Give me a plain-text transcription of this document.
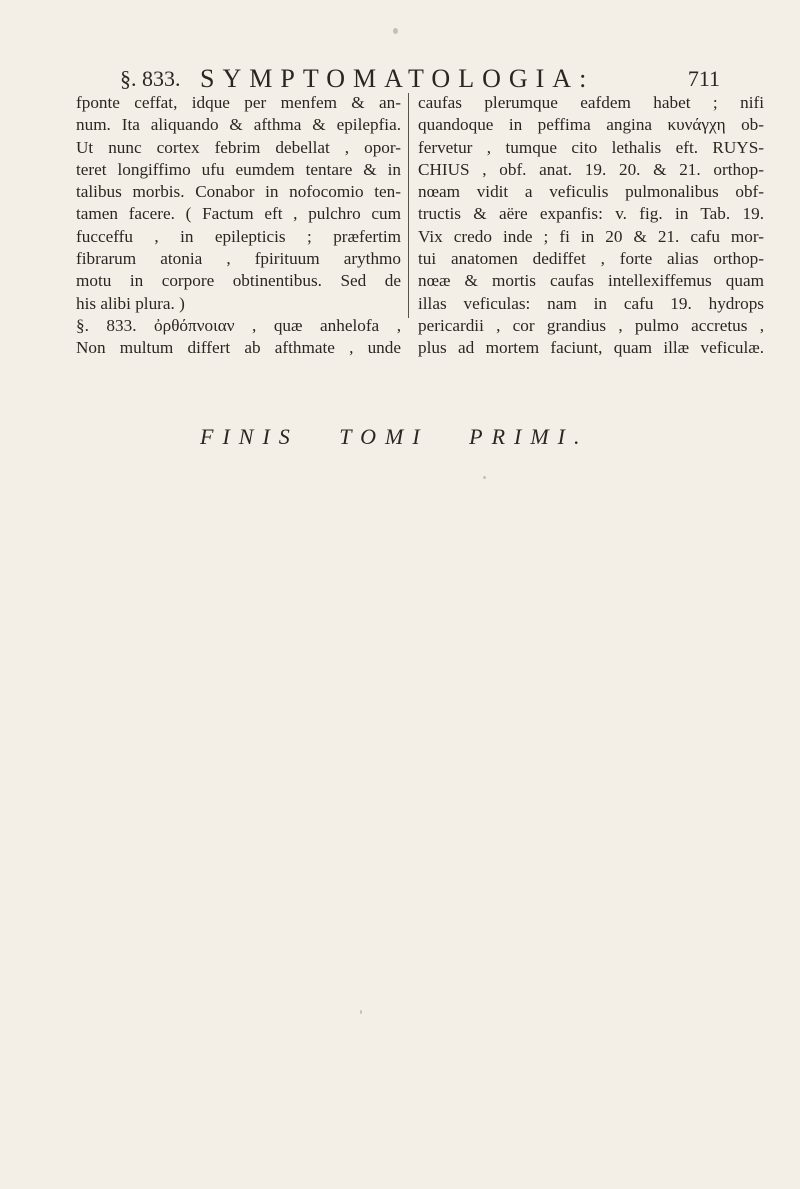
§. 833. SYMPTOMATOLOGIA:	711
fponte ceffat, idque per menfem & an-
num. Ita aliquando & afthma & epilepfia.
Ut nunc cortex febrim debellat , opor-
teret longiffimo ufu eumdem tentare & in
talibus morbis. Conabor in nofocomio ten-
tamen facere. ( Factum eft , pulchro cum
fucceffu , in epilepticis ; præfertim
fibrarum atonia , fpirituum arythmo
motu in corpore obtinentibus. Sed de
his alibi plura. )
§. 833. ὀρθόπνοιαν , quæ anhelofa ,
Non multum differt ab afthmate , unde
caufas plerumque eafdem habet ; nifi
quandoque in peffima angina κυνάγχη ob-
fervetur , tumque cito lethalis eft. RUYS-
CHIUS , obf. anat. 19. 20. & 21. orthop-
nœam vidit a veficulis pulmonalibus obf-
tructis & aëre expanfis: v. fig. in Tab. 19.
Vix credo inde ; fi in 20 & 21. cafu mor-
tui anatomen dediffet , forte alias orthop-
nœæ & mortis caufas intellexiffemus quam
illas veficulas: nam in cafu 19. hydrops
pericardii , cor grandius , pulmo accretus ,
plus ad mortem faciunt, quam illæ veficulæ.
FINIS TOMI PRIMI.
